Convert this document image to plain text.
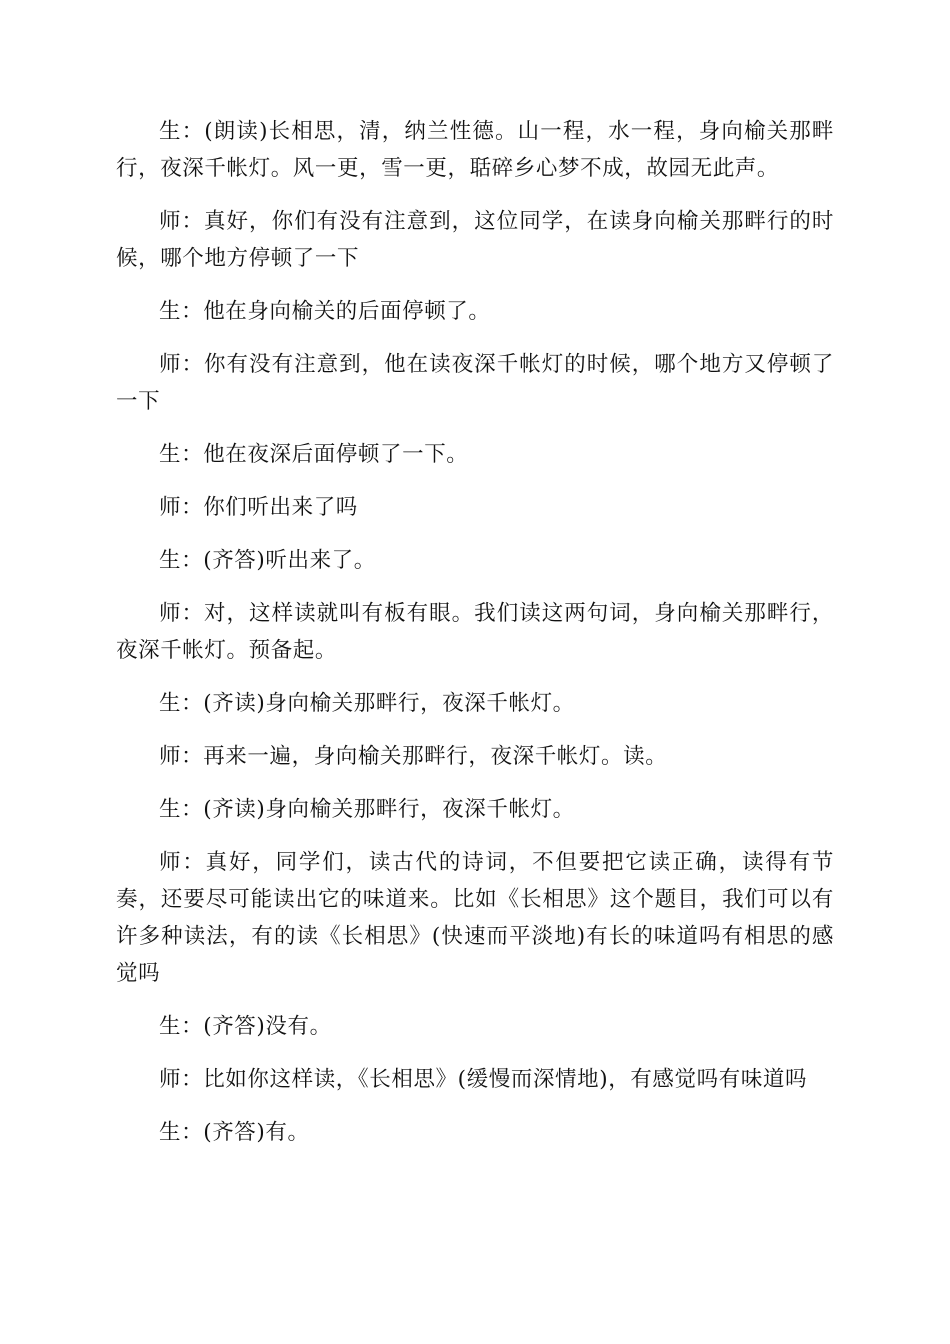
生：(朗读)长相思，清，纳兰性德。山一程，水一程，身向榆关那畔行，夜深千帐灯。风一更，雪一更，聒碎乡心梦不成，故园无此声。

师：真好，你们有没有注意到，这位同学，在读身向榆关那畔行的时候，哪个地方停顿了一下

生：他在身向榆关的后面停顿了。

师：你有没有注意到，他在读夜深千帐灯的时候，哪个地方又停顿了一下

生：他在夜深后面停顿了一下。

师：你们听出来了吗

生：(齐答)听出来了。

师：对，这样读就叫有板有眼。我们读这两句词，身向榆关那畔行，夜深千帐灯。预备起。

生：(齐读)身向榆关那畔行，夜深千帐灯。

师：再来一遍，身向榆关那畔行，夜深千帐灯。读。

生：(齐读)身向榆关那畔行，夜深千帐灯。

师：真好，同学们，读古代的诗词，不但要把它读正确，读得有节奏，还要尽可能读出它的味道来。比如《长相思》这个题目，我们可以有许多种读法，有的读《长相思》(快速而平淡地)有长的味道吗有相思的感觉吗

生：(齐答)没有。

师：比如你这样读，《长相思》(缓慢而深情地)，有感觉吗有味道吗

生：(齐答)有。
